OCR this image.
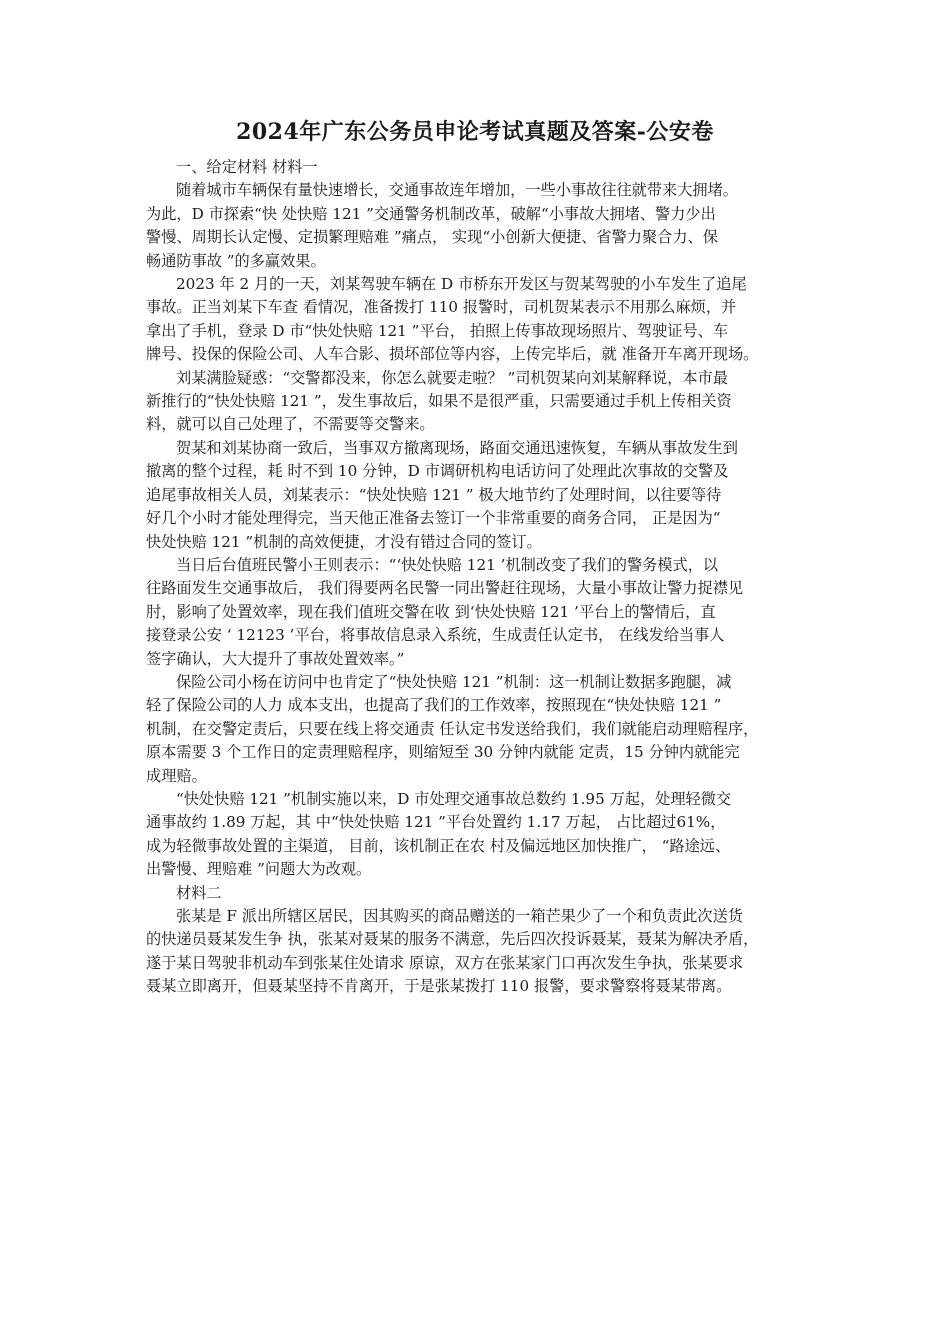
2024年广东公务员申论考试真题及答案-公安卷
一、给定材料 材料一
随着城市车辆保有量快速增长，交通事故连年增加，一些小事故往往就带来大拥堵。
为此，D 市探索“快 处快赔 121 ”交通警务机制改革，破解“小事故大拥堵、警力少出
警慢、周期长认定慢、定损繁理赔难 ”痛点， 实现“小创新大便捷、省警力聚合力、保
畅通防事故 ”的多赢效果。
2023 年 2 月的一天，刘某驾驶车辆在 D 市桥东开发区与贺某驾驶的小车发生了追尾
事故。正当刘某下车查 看情况，准备拨打 110 报警时，司机贺某表示不用那么麻烦，并
拿出了手机，登录 D 市“快处快赔 121 ”平台， 拍照上传事故现场照片、驾驶证号、车
牌号、投保的保险公司、人车合影、损坏部位等内容，上传完毕后，就 准备开车离开现场。
刘某满脸疑惑：“交警都没来，你怎么就要走啦？ ”司机贺某向刘某解释说，本市最
新推行的“快处快赔 121 ”，发生事故后，如果不是很严重，只需要通过手机上传相关资
料，就可以自己处理了，不需要等交警来。
贺某和刘某协商一致后，当事双方撤离现场，路面交通迅速恢复，车辆从事故发生到
撤离的整个过程，耗 时不到 10 分钟，D 市调研机构电话访问了处理此次事故的交警及
追尾事故相关人员，刘某表示：“快处快赔 121 ” 极大地节约了处理时间，以往要等待
好几个小时才能处理得完，当天他正准备去签订一个非常重要的商务合同， 正是因为“
快处快赔 121 ”机制的高效便捷，才没有错过合同的签订。
当日后台值班民警小王则表示：“‘快处快赔 121 ’机制改变了我们的警务模式，以
往路面发生交通事故后， 我们得要两名民警一同出警赶往现场，大量小事故让警力捉襟见
肘，影响了处置效率，现在我们值班交警在收 到‘快处快赔 121 ’平台上的警情后，直
接登录公安 ‘ 12123 ’平台，将事故信息录入系统，生成责任认定书， 在线发给当事人
签字确认，大大提升了事故处置效率。”
保险公司小杨在访问中也肯定了“快处快赔 121 ”机制：这一机制让数据多跑腿，减
轻了保险公司的人力 成本支出，也提高了我们的工作效率，按照现在“快处快赔 121 ”
机制，在交警定责后，只要在线上将交通责 任认定书发送给我们，我们就能启动理赔程序，
原本需要 3 个工作日的定责理赔程序，则缩短至 30 分钟内就能 定责，15 分钟内就能完
成理赔。
“快处快赔 121 ”机制实施以来，D 市处理交通事故总数约 1.95 万起，处理轻微交
通事故约 1.89 万起，其 中“快处快赔 121 ”平台处置约 1.17 万起， 占比超过61%，
成为轻微事故处置的主渠道， 目前，该机制正在农 村及偏远地区加快推广， “路途远、
出警慢、理赔难 ”问题大为改观。
材料二
张某是 F 派出所辖区居民，因其购买的商品赠送的一箱芒果少了一个和负责此次送货
的快递员聂某发生争 执，张某对聂某的服务不满意，先后四次投诉聂某，聂某为解决矛盾，
遂于某日驾驶非机动车到张某住处请求 原谅，双方在张某家门口再次发生争执，张某要求
聂某立即离开，但聂某坚持不肯离开，于是张某拨打 110 报警，要求警察将聂某带离。
